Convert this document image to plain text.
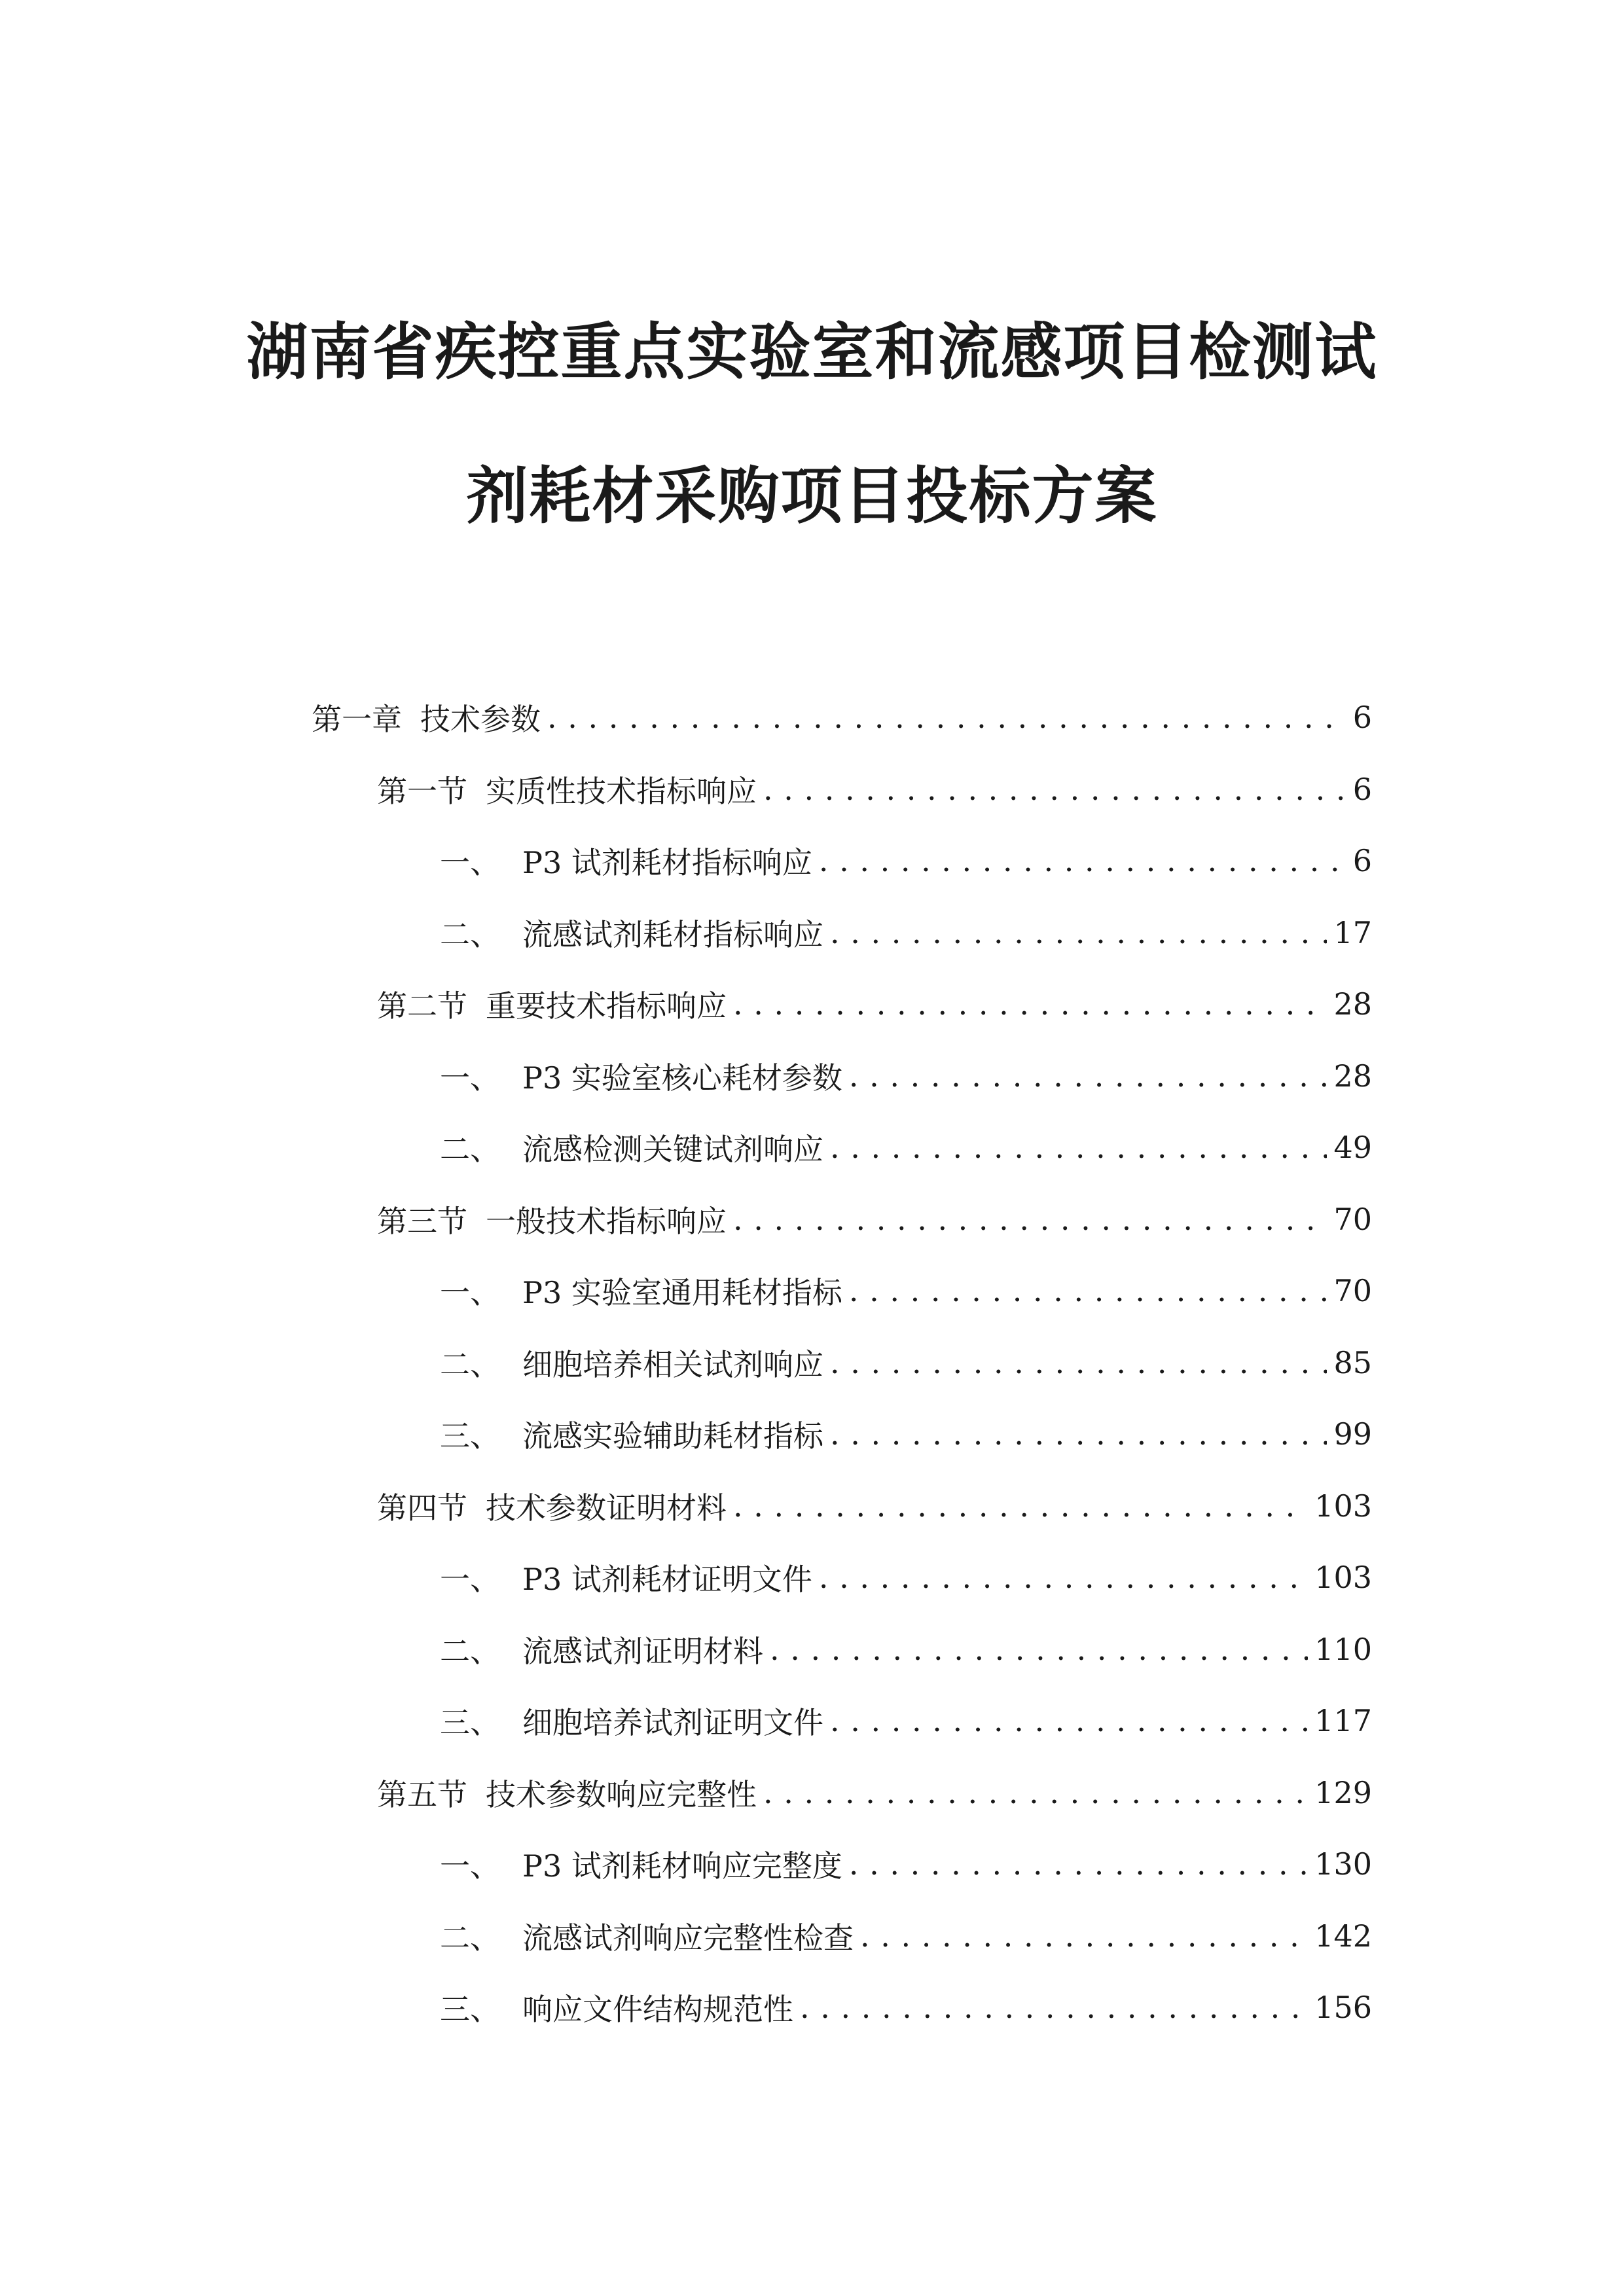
湖南省疾控重点实验室和流感项目检测试

剂耗材采购项目投标方案

第一章 技术参数 . . .	6
第一节 实质性技术指标响应 . . .	6
一、 P3 试剂耗材指标响应 . . .	6
二、 流感试剂耗材指标响应 . . .	17
第二节 重要技术指标响应 . . .	28
一、 P3 实验室核心耗材参数 . . .	28
二、 流感检测关键试剂响应 . . .	49
第三节 一般技术指标响应 . . .	70
一、 P3 实验室通用耗材指标 . . .	70
二、 细胞培养相关试剂响应 . . .	85
三、 流感实验辅助耗材指标 . . .	99
第四节 技术参数证明材料 . . .	103
一、 P3 试剂耗材证明文件 . . .	103
二、 流感试剂证明材料 . . .	110
三、 细胞培养试剂证明文件 . . .	117
第五节 技术参数响应完整性 . . .	129
一、 P3 试剂耗材响应完整度 . . .	130
二、 流感试剂响应完整性检查 . . .	142
三、 响应文件结构规范性 . . .	156
